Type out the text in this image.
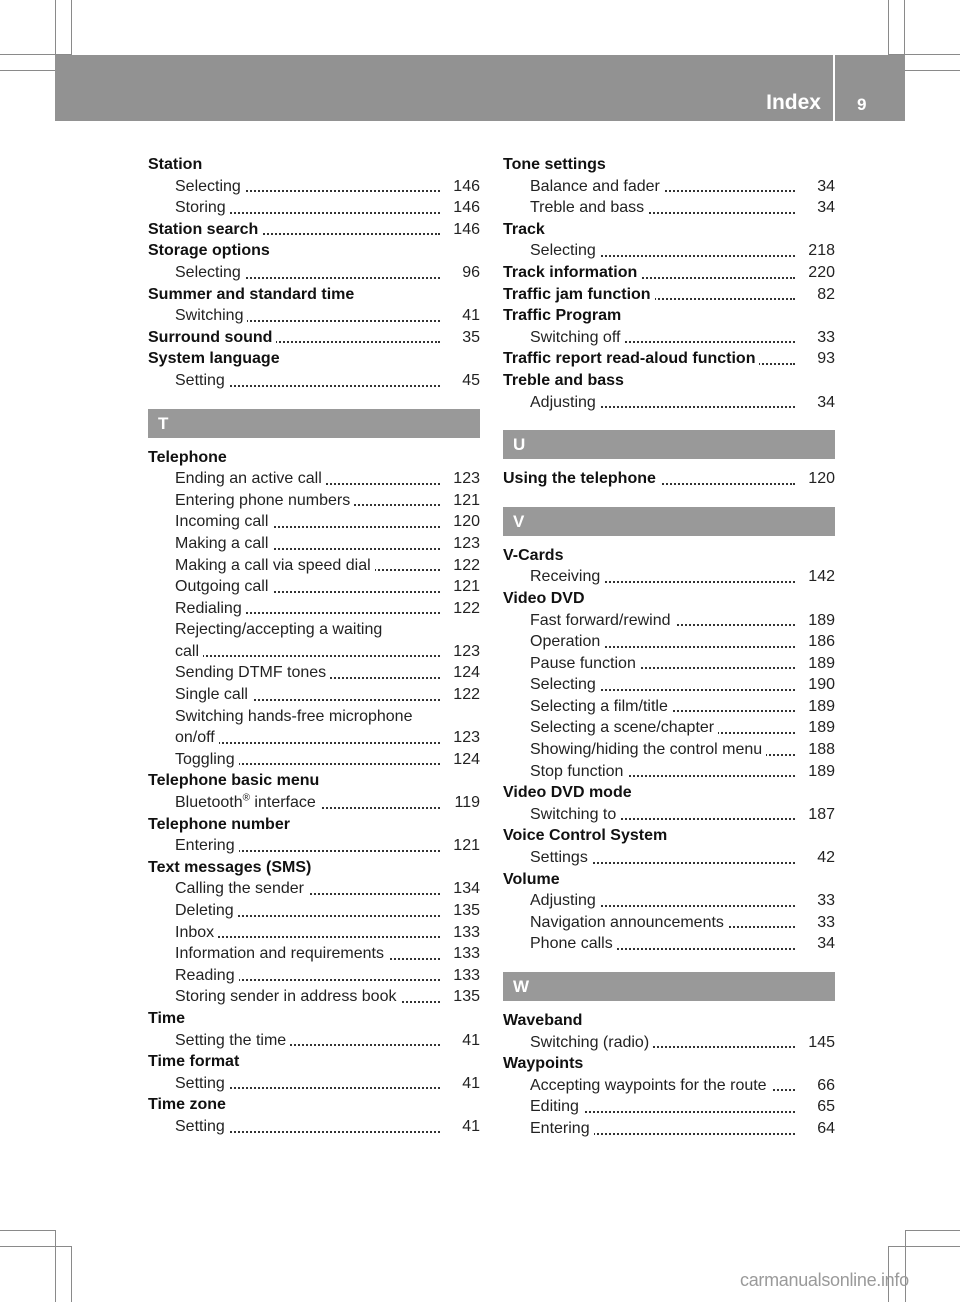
Index 9
Station
Selecting	146
Storing	146
Station search	146
Storage options
Selecting	96
Summer and standard time
Switching	41
Surround sound	35
System language
Setting	45
T
Telephone
Ending an active call	123
Entering phone numbers	121
Incoming call	120
Making a call	123
Making a call via speed dial	122
Outgoing call	121
Redialing	122
Rejecting/accepting a waiting
call	123
Sending DTMF tones	124
Single call	122
Switching hands-free microphone
on/off	123
Toggling	124
Telephone basic menu
Bluetooth® interface	119
Telephone number
Entering	121
Text messages (SMS)
Calling the sender	134
Deleting	135
Inbox	133
Information and requirements	133
Reading	133
Storing sender in address book	135
Time
Setting the time	41
Time format
Setting	41
Time zone
Setting	41
Tone settings
Balance and fader	34
Treble and bass	34
Track
Selecting	218
Track information	220
Traffic jam function	82
Traffic Program
Switching off	33
Traffic report read-aloud function	93
Treble and bass
Adjusting	34
U
Using the telephone	120
V
V-Cards
Receiving	142
Video DVD
Fast forward/rewind	189
Operation	186
Pause function	189
Selecting	190
Selecting a film/title	189
Selecting a scene/chapter	189
Showing/hiding the control menu	188
Stop function	189
Video DVD mode
Switching to	187
Voice Control System
Settings	42
Volume
Adjusting	33
Navigation announcements	33
Phone calls	34
W
Waveband
Switching (radio)	145
Waypoints
Accepting waypoints for the route	66
Editing	65
Entering	64
carmanualsonline.info
